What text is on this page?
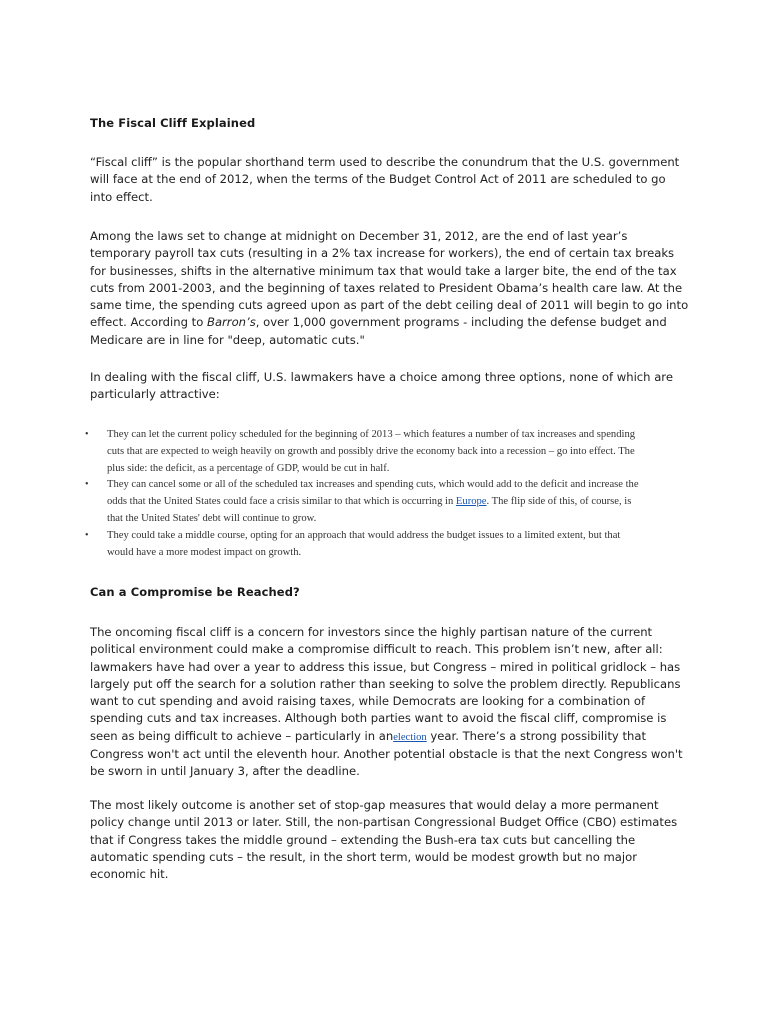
The Fiscal Cliff Explained

“Fiscal cliff” is the popular shorthand term used to describe the conundrum that the U.S. government

will face at the end of 2012, when the terms of the Budget Control Act of 2011 are scheduled to go

into effect.

Among the laws set to change at midnight on December 31, 2012, are the end of last year’s

temporary payroll tax cuts (resulting in a 2% tax increase for workers), the end of certain tax breaks

for businesses, shifts in the alternative minimum tax that would take a larger bite, the end of the tax

cuts from 2001-2003, and the beginning of taxes related to President Obama’s health care law. At the

same time, the spending cuts agreed upon as part of the debt ceiling deal of 2011 will begin to go into

effect. According to Barron’s, over 1,000 government programs - including the defense budget and

Medicare are in line for "deep, automatic cuts."

In dealing with the fiscal cliff, U.S. lawmakers have a choice among three options, none of which are

particularly attractive:

• They can let the current policy scheduled for the beginning of 2013 – which features a number of tax increases and spending
cuts that are expected to weigh heavily on growth and possibly drive the economy back into a recession – go into effect. The
plus side: the deficit, as a percentage of GDP, would be cut in half.
• They can cancel some or all of the scheduled tax increases and spending cuts, which would add to the deficit and increase the
odds that the United States could face a crisis similar to that which is occurring in Europe. The flip side of this, of course, is
that the United States' debt will continue to grow.
• They could take a middle course, opting for an approach that would address the budget issues to a limited extent, but that
would have a more modest impact on growth.
Can a Compromise be Reached?

The oncoming fiscal cliff is a concern for investors since the highly partisan nature of the current

political environment could make a compromise difficult to reach. This problem isn’t new, after all:

lawmakers have had over a year to address this issue, but Congress – mired in political gridlock – has

largely put off the search for a solution rather than seeking to solve the problem directly. Republicans

want to cut spending and avoid raising taxes, while Democrats are looking for a combination of

spending cuts and tax increases. Although both parties want to avoid the fiscal cliff, compromise is

seen as being difficult to achieve – particularly in anelection year. There’s a strong possibility that

Congress won't act until the eleventh hour. Another potential obstacle is that the next Congress won't

be sworn in until January 3, after the deadline.

The most likely outcome is another set of stop-gap measures that would delay a more permanent

policy change until 2013 or later. Still, the non-partisan Congressional Budget Office (CBO) estimates

that if Congress takes the middle ground – extending the Bush-era tax cuts but cancelling the

automatic spending cuts – the result, in the short term, would be modest growth but no major

economic hit.
